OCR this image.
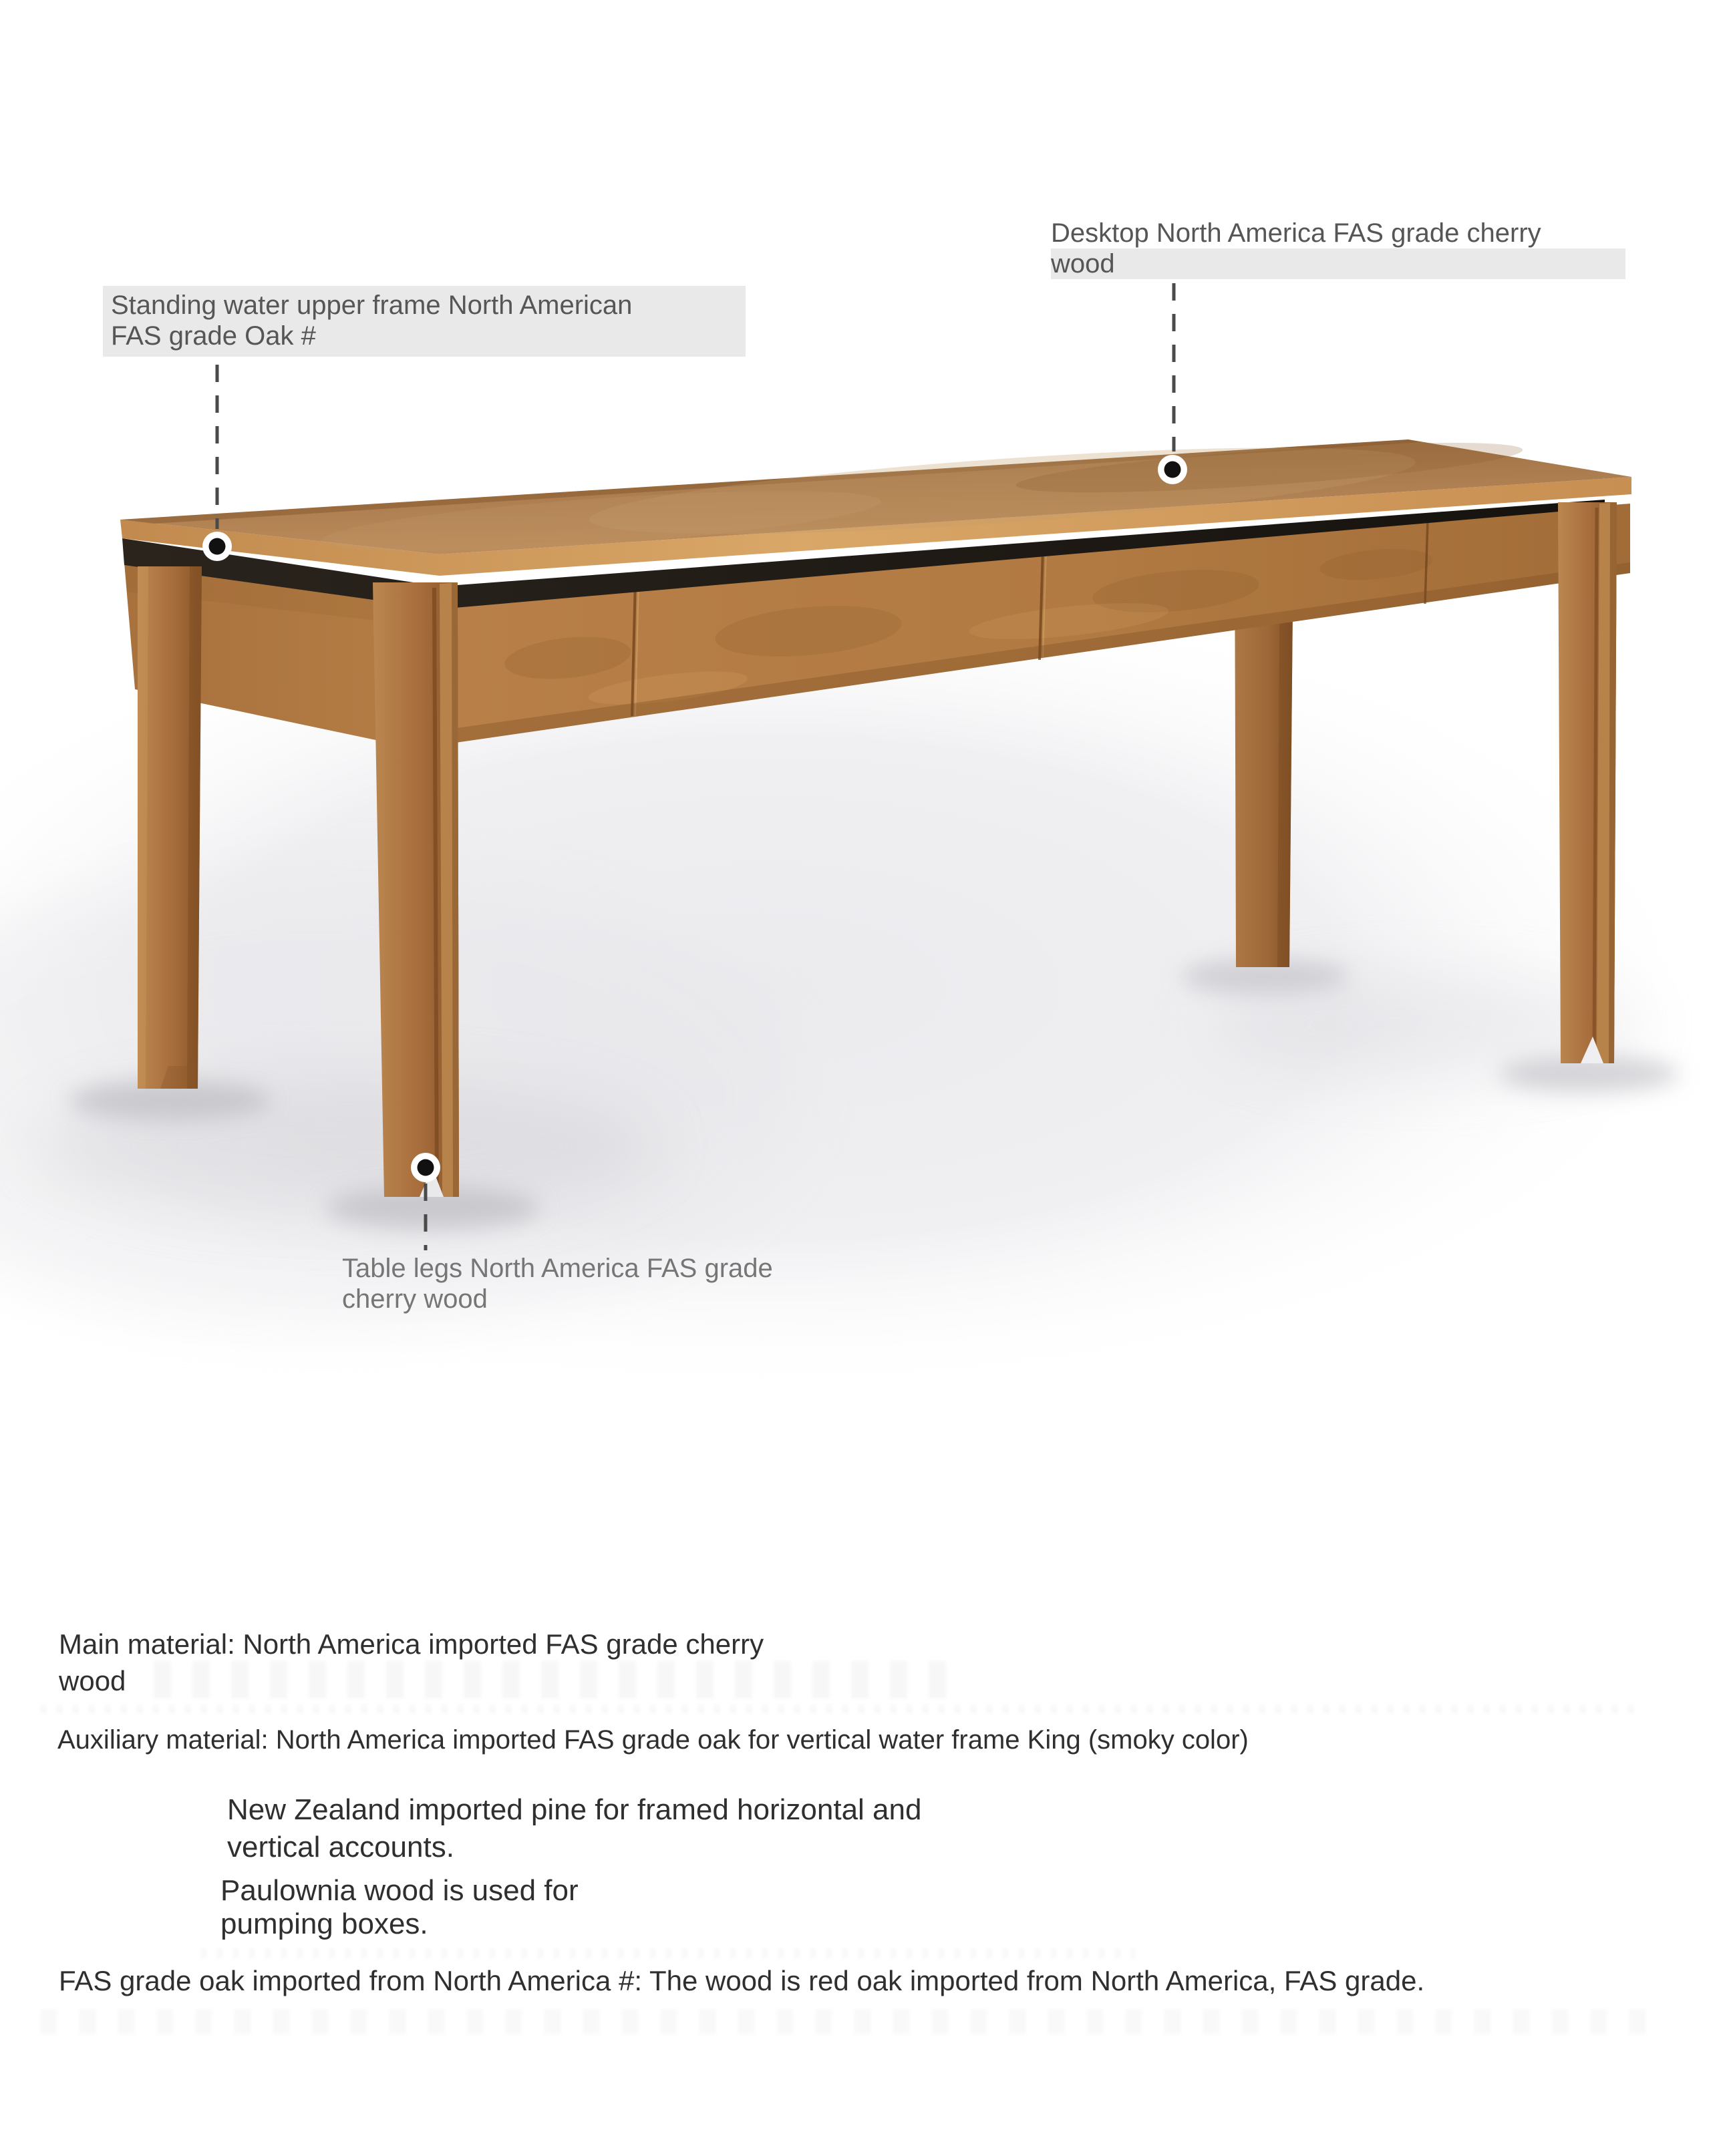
Desktop North America FAS grade cherry
wood
Standing water upper frame North American
FAS grade Oak #
Table legs North America FAS grade
cherry wood
Main material: North America imported FAS grade cherry
wood
Auxiliary material: North America imported FAS grade oak for vertical water frame King (smoky color)
New Zealand imported pine for framed horizontal and
vertical accounts.
Paulownia wood is used for
pumping boxes.
FAS grade oak imported from North America #: The wood is red oak imported from North America, FAS grade.
